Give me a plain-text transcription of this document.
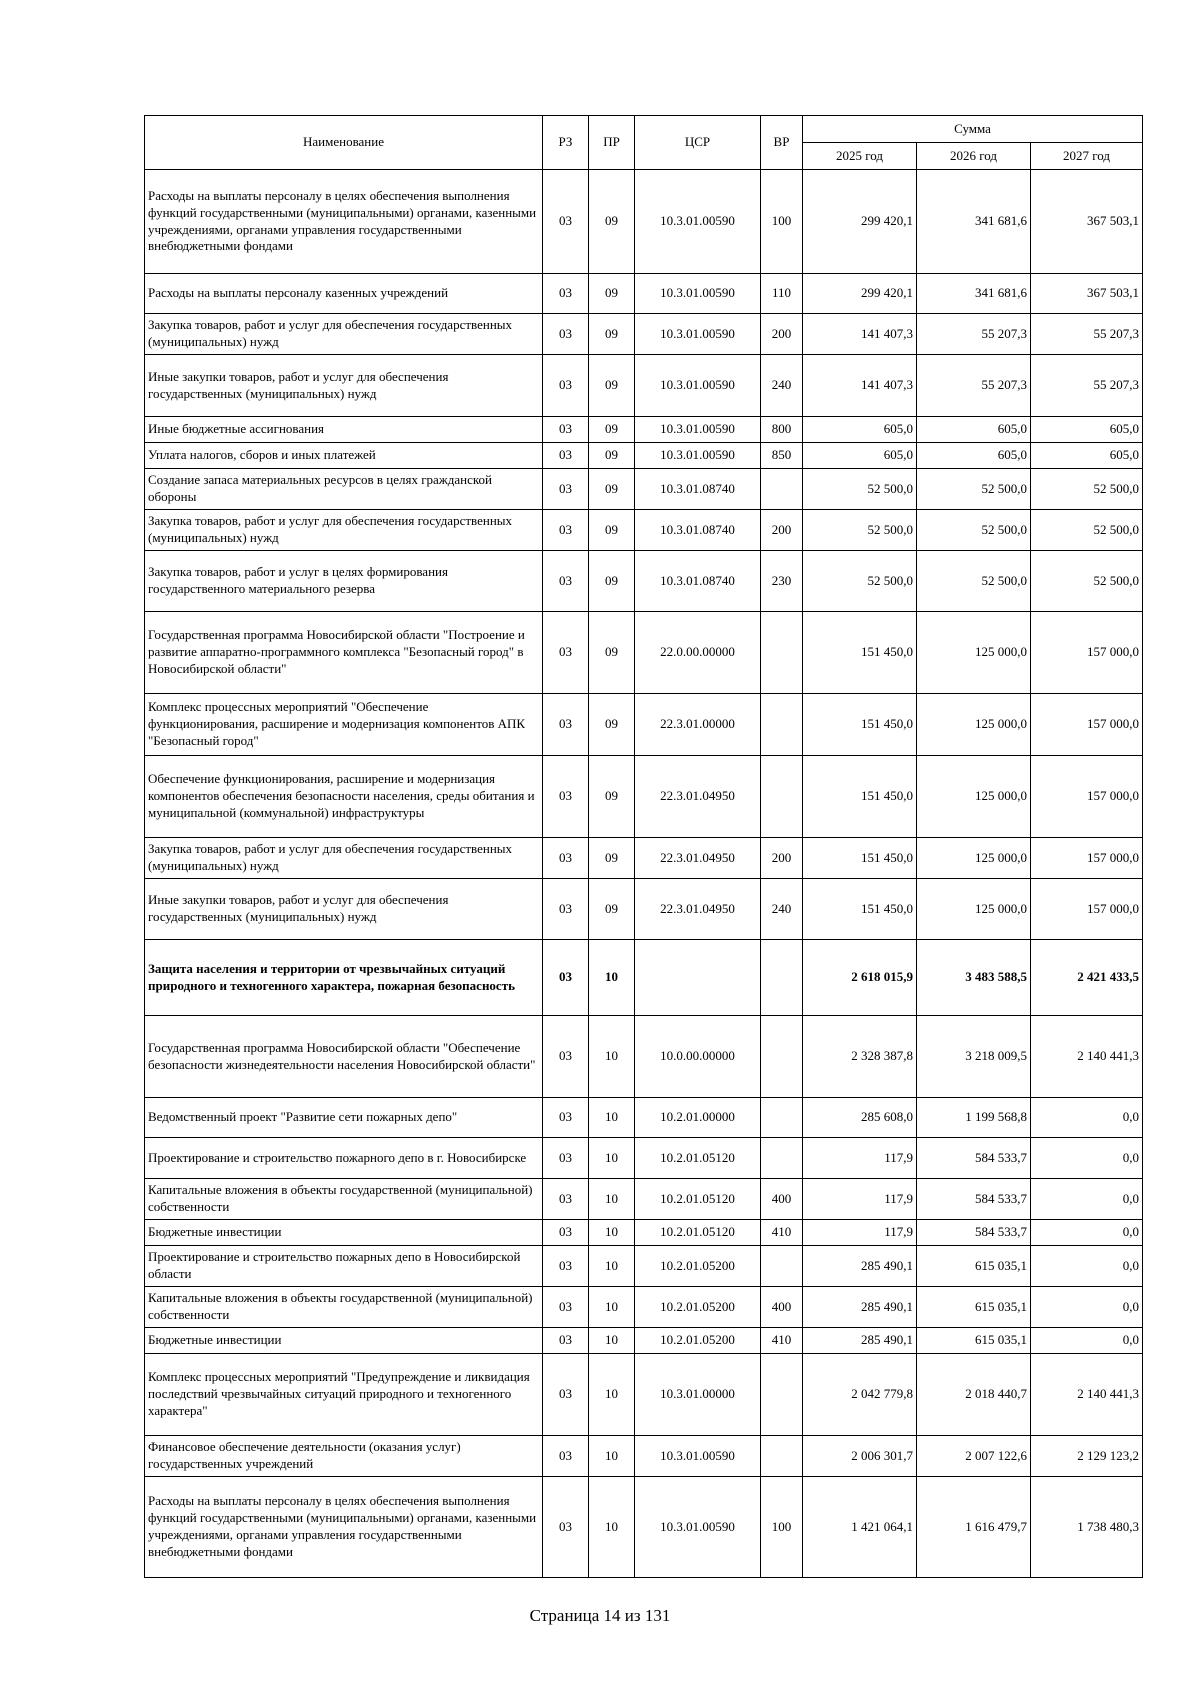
Наименование	РЗ	ПР	ЦСР	ВР	Сумма		
					2025 год	2026 год	2027 год
Расходы на выплаты персоналу в целях обеспечения выполнения функций государственными (муниципальными) органами, казенными учреждениями, органами управления государственными внебюджетными фондами	03	09	10.3.01.00590	100	299 420,1	341 681,6	367 503,1
Расходы на выплаты персоналу казенных учреждений	03	09	10.3.01.00590	110	299 420,1	341 681,6	367 503,1
Закупка товаров, работ и услуг для обеспечения государственных (муниципальных) нужд	03	09	10.3.01.00590	200	141 407,3	55 207,3	55 207,3
Иные закупки товаров, работ и услуг для обеспечения государственных (муниципальных) нужд	03	09	10.3.01.00590	240	141 407,3	55 207,3	55 207,3
Иные бюджетные ассигнования	03	09	10.3.01.00590	800	605,0	605,0	605,0
Уплата налогов, сборов и иных платежей	03	09	10.3.01.00590	850	605,0	605,0	605,0
Создание запаса материальных ресурсов в целях гражданской обороны	03	09	10.3.01.08740		52 500,0	52 500,0	52 500,0
Закупка товаров, работ и услуг для обеспечения государственных (муниципальных) нужд	03	09	10.3.01.08740	200	52 500,0	52 500,0	52 500,0
Закупка товаров, работ и услуг в целях формирования государственного материального резерва	03	09	10.3.01.08740	230	52 500,0	52 500,0	52 500,0
Государственная программа Новосибирской области "Построение и развитие аппаратно-программного комплекса "Безопасный город" в Новосибирской области"	03	09	22.0.00.00000		151 450,0	125 000,0	157 000,0
Комплекс процессных мероприятий "Обеспечение функционирования, расширение и модернизация компонентов АПК "Безопасный город"	03	09	22.3.01.00000		151 450,0	125 000,0	157 000,0
Обеспечение функционирования, расширение и модернизация компонентов обеспечения безопасности населения, среды обитания и муниципальной (коммунальной) инфраструктуры	03	09	22.3.01.04950		151 450,0	125 000,0	157 000,0
Закупка товаров, работ и услуг для обеспечения государственных (муниципальных) нужд	03	09	22.3.01.04950	200	151 450,0	125 000,0	157 000,0
Иные закупки товаров, работ и услуг для обеспечения государственных (муниципальных) нужд	03	09	22.3.01.04950	240	151 450,0	125 000,0	157 000,0
Защита населения и территории от чрезвычайных ситуаций природного и техногенного характера, пожарная безопасность	03	10			2 618 015,9	3 483 588,5	2 421 433,5
Государственная программа Новосибирской области "Обеспечение безопасности жизнедеятельности населения Новосибирской области"	03	10	10.0.00.00000		2 328 387,8	3 218 009,5	2 140 441,3
Ведомственный проект "Развитие сети пожарных депо"	03	10	10.2.01.00000		285 608,0	1 199 568,8	0,0
Проектирование и строительство пожарного депо в г. Новосибирске	03	10	10.2.01.05120		117,9	584 533,7	0,0
Капитальные вложения в объекты государственной (муниципальной) собственности	03	10	10.2.01.05120	400	117,9	584 533,7	0,0
Бюджетные инвестиции	03	10	10.2.01.05120	410	117,9	584 533,7	0,0
Проектирование и строительство пожарных депо в Новосибирской области	03	10	10.2.01.05200		285 490,1	615 035,1	0,0
Капитальные вложения в объекты государственной (муниципальной) собственности	03	10	10.2.01.05200	400	285 490,1	615 035,1	0,0
Бюджетные инвестиции	03	10	10.2.01.05200	410	285 490,1	615 035,1	0,0
Комплекс процессных мероприятий "Предупреждение и ликвидация последствий чрезвычайных ситуаций природного и техногенного характера"	03	10	10.3.01.00000		2 042 779,8	2 018 440,7	2 140 441,3
Финансовое обеспечение деятельности (оказания услуг) государственных учреждений	03	10	10.3.01.00590		2 006 301,7	2 007 122,6	2 129 123,2
Расходы на выплаты персоналу в целях обеспечения выполнения функций государственными (муниципальными) органами, казенными учреждениями, органами управления государственными внебюджетными фондами	03	10	10.3.01.00590	100	1 421 064,1	1 616 479,7	1 738 480,3
Страница 14 из 131
